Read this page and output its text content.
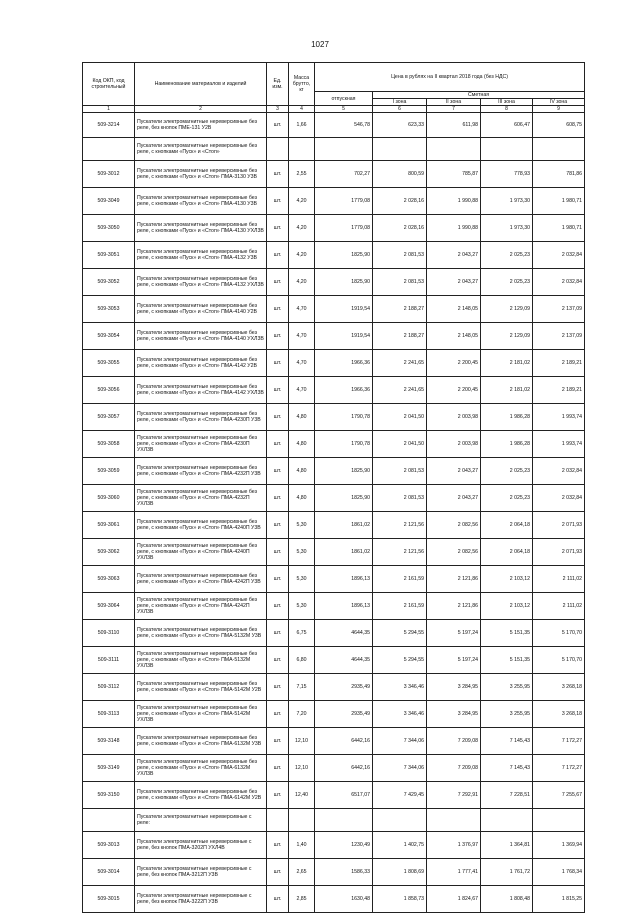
1027
Код ОКП, код строительный	Наименование материалов и изделий	Ед. изм.	Масса брутто, кг	Цена в рублях на II квартал 2018 года (без НДС)				
				отпускная	Сметная			
					I зона	II зона	III зона	IV зона
1	2	3	4	5	6	7	8	9
509-3214	Пускатели электромагнитные нереверсивные без реле, без кнопок ПМЕ-131 У2В	шт.	1,66	546,78	623,33	611,98	606,47	608,75
	Пускатели электромагнитные нереверсивные без реле, с кнопками «Пуск» и «Стоп»							
509-3012	Пускатели электромагнитные нереверсивные без реле, с кнопками «Пуск» и «Стоп» ПМА-3130 У3В	шт.	2,55	702,27	800,59	785,87	778,93	781,86
509-3049	Пускатели электромагнитные нереверсивные без реле, с кнопками «Пуск» и «Стоп» ПМА-4130 У3В	шт.	4,20	1779,08	2 028,16	1 990,88	1 973,30	1 980,71
509-3050	Пускатели электромагнитные нереверсивные без реле, с кнопками «Пуск» и «Стоп» ПМА-4130 УХЛ3В	шт.	4,20	1779,08	2 028,16	1 990,88	1 973,30	1 980,71
509-3051	Пускатели электромагнитные нереверсивные без реле, с кнопками «Пуск» и «Стоп» ПМА-4132 У3В	шт.	4,20	1825,90	2 081,53	2 043,27	2 025,23	2 032,84
509-3052	Пускатели электромагнитные нереверсивные без реле, с кнопками «Пуск» и «Стоп» ПМА-4132 УХЛ3В	шт.	4,20	1825,90	2 081,53	2 043,27	2 025,23	2 032,84
509-3053	Пускатели электромагнитные нереверсивные без реле, с кнопками «Пуск» и «Стоп» ПМА-4140 У2В	шт.	4,70	1919,54	2 188,27	2 148,05	2 129,09	2 137,09
509-3054	Пускатели электромагнитные нереверсивные без реле, с кнопками «Пуск» и «Стоп» ПМА-4140 УХЛ3В	шт.	4,70	1919,54	2 188,27	2 148,05	2 129,09	2 137,09
509-3055	Пускатели электромагнитные нереверсивные без реле, с кнопками «Пуск» и «Стоп» ПМА-4142 У2В	шт.	4,70	1966,36	2 241,65	2 200,45	2 181,02	2 189,21
509-3056	Пускатели электромагнитные нереверсивные без реле, с кнопками «Пуск» и «Стоп» ПМА-4142 УХЛ3В	шт.	4,70	1966,36	2 241,65	2 200,45	2 181,02	2 189,21
509-3057	Пускатели электромагнитные нереверсивные без реле, с кнопками «Пуск» и «Стоп» ПМА-4230П У3В	шт.	4,80	1790,78	2 041,50	2 003,98	1 986,28	1 993,74
509-3058	Пускатели электромагнитные нереверсивные без реле, с кнопками «Пуск» и «Стоп» ПМА-4230П УХЛ3В	шт.	4,80	1790,78	2 041,50	2 003,98	1 986,28	1 993,74
509-3059	Пускатели электромагнитные нереверсивные без реле, с кнопками «Пуск» и «Стоп» ПМА-4232П У3В	шт.	4,80	1825,90	2 081,53	2 043,27	2 025,23	2 032,84
509-3060	Пускатели электромагнитные нереверсивные без реле, с кнопками «Пуск» и «Стоп» ПМА-4232П УХЛ3В	шт.	4,80	1825,90	2 081,53	2 043,27	2 025,23	2 032,84
509-3061	Пускатели электромагнитные нереверсивные без реле, с кнопками «Пуск» и «Стоп» ПМА-4240П У3В	шт.	5,30	1861,02	2 121,56	2 082,56	2 064,18	2 071,93
509-3062	Пускатели электромагнитные нереверсивные без реле, с кнопками «Пуск» и «Стоп» ПМА-4240П УХЛ3В	шт.	5,30	1861,02	2 121,56	2 082,56	2 064,18	2 071,93
509-3063	Пускатели электромагнитные нереверсивные без реле, с кнопками «Пуск» и «Стоп» ПМА-4242П У3В	шт.	5,30	1896,13	2 161,59	2 121,86	2 103,12	2 111,02
509-3064	Пускатели электромагнитные нереверсивные без реле, с кнопками «Пуск» и «Стоп» ПМА-4242П УХЛ3В	шт.	5,30	1896,13	2 161,59	2 121,86	2 103,12	2 111,02
509-3110	Пускатели электромагнитные нереверсивные без реле, с кнопками «Пуск» и «Стоп» ПМА-5132М У3В	шт.	6,75	4644,35	5 294,55	5 197,24	5 151,35	5 170,70
509-3111	Пускатели электромагнитные нереверсивные без реле, с кнопками «Пуск» и «Стоп» ПМА-5132М УХЛ3В	шт.	6,80	4644,35	5 294,55	5 197,24	5 151,35	5 170,70
509-3112	Пускатели электромагнитные нереверсивные без реле, с кнопками «Пуск» и «Стоп» ПМА-5142М У2В	шт.	7,15	2935,49	3 346,46	3 284,95	3 255,95	3 268,18
509-3113	Пускатели электромагнитные нереверсивные без реле, с кнопками «Пуск» и «Стоп» ПМА-5142М УХЛ3В	шт.	7,20	2935,49	3 346,46	3 284,95	3 255,95	3 268,18
509-3148	Пускатели электромагнитные нереверсивные без реле, с кнопками «Пуск» и «Стоп» ПМА-6132М У3В	шт.	12,10	6442,16	7 344,06	7 209,08	7 145,43	7 172,27
509-3149	Пускатели электромагнитные нереверсивные без реле, с кнопками «Пуск» и «Стоп» ПМА-6132М УХЛ3В	шт.	12,10	6442,16	7 344,06	7 209,08	7 145,43	7 172,27
509-3150	Пускатели электромагнитные нереверсивные без реле, с кнопками «Пуск» и «Стоп» ПМА-6142М У2В	шт.	12,40	6517,07	7 429,45	7 292,91	7 228,51	7 255,67
	Пускатели электромагнитные нереверсивные с реле:							
509-3013	Пускатели электромагнитные нереверсивные с реле, без кнопок ПМА-3202П УХЛ4В	шт.	1,40	1230,49	1 402,75	1 376,97	1 364,81	1 369,94
509-3014	Пускатели электромагнитные нереверсивные с реле, без кнопок ПМА-3212П У3В	шт.	2,65	1586,33	1 808,69	1 777,41	1 761,72	1 768,34
509-3015	Пускатели электромагнитные нереверсивные с реле, без кнопок ПМА-3222П У3В	шт.	2,85	1630,48	1 858,73	1 824,67	1 808,48	1 815,25
